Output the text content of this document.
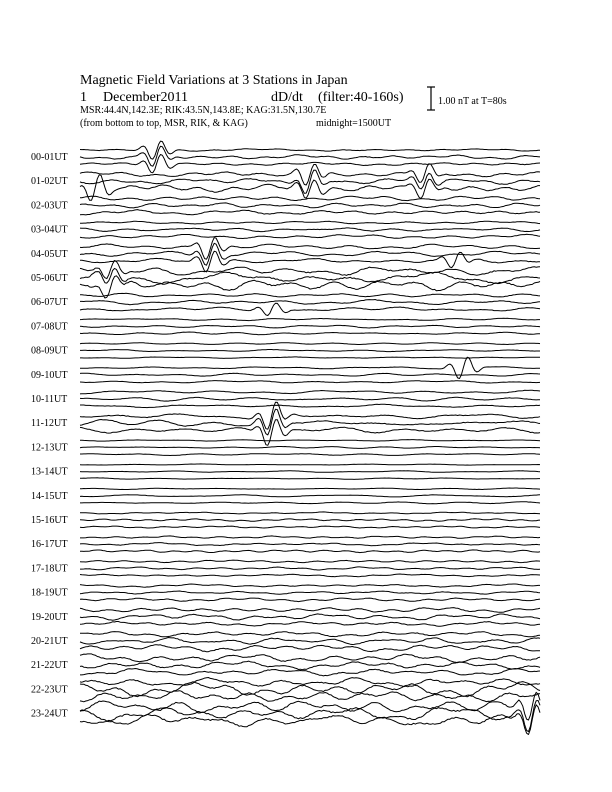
Magnetic Field Variations at 3 Stations in Japan
1 December2011	dD/dt (filter:40-160s)
MSR:44.4N,142.3E; RIK:43.5N,143.8E; KAG:31.5N,130.7E
(from bottom to top, MSR, RIK, & KAG)	midnight=1500UT
1.00 nT at T=80s
00-01UT
01-02UT
02-03UT
03-04UT
04-05UT
05-06UT
06-07UT
07-08UT
08-09UT
09-10UT
10-11UT
11-12UT
12-13UT
13-14UT
14-15UT
15-16UT
16-17UT
17-18UT
18-19UT
19-20UT
20-21UT
21-22UT
22-23UT
23-24UT
